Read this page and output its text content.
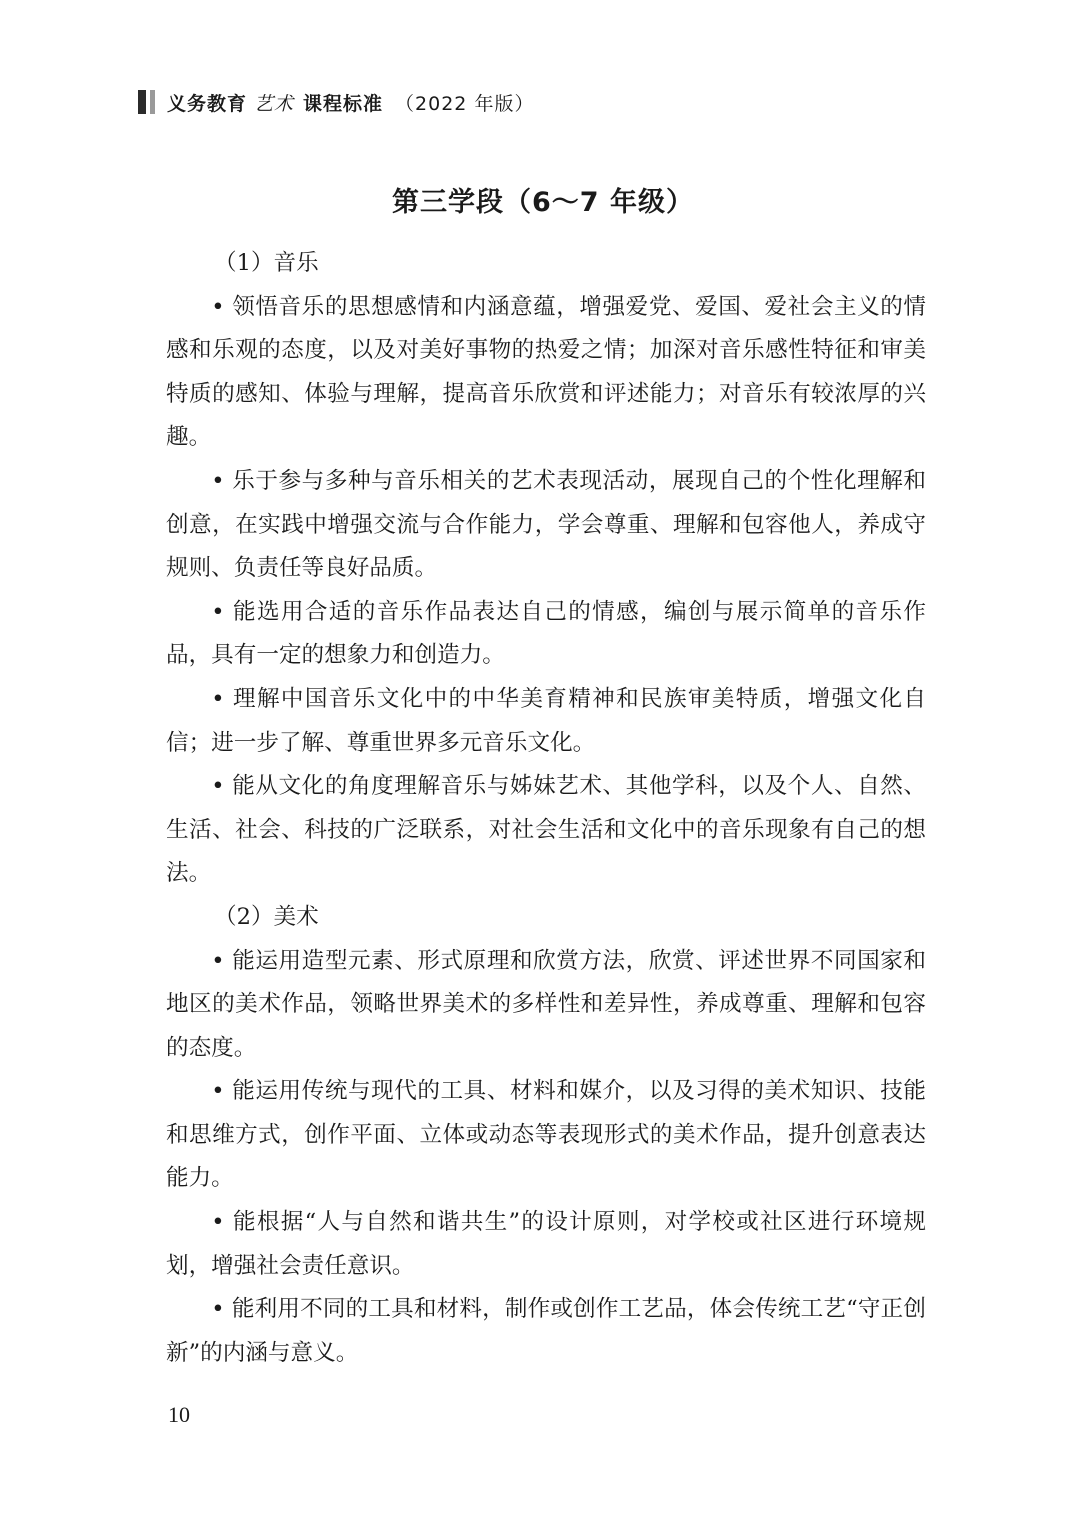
义务教育 艺术 课程标准 （2022 年版）
第三学段（6～7 年级）

（1）音乐

• 领悟音乐的思想感情和内涵意蕴，增强爱党、爱国、爱社会主义的情感和乐观的态度，以及对美好事物的热爱之情；加深对音乐感性特征和审美特质的感知、体验与理解，提高音乐欣赏和评述能力；对音乐有较浓厚的兴趣。

• 乐于参与多种与音乐相关的艺术表现活动，展现自己的个性化理解和创意，在实践中增强交流与合作能力，学会尊重、理解和包容他人，养成守规则、负责任等良好品质。

• 能选用合适的音乐作品表达自己的情感，编创与展示简单的音乐作品，具有一定的想象力和创造力。

• 理解中国音乐文化中的中华美育精神和民族审美特质，增强文化自信；进一步了解、尊重世界多元音乐文化。

• 能从文化的角度理解音乐与姊妹艺术、其他学科，以及个人、自然、生活、社会、科技的广泛联系，对社会生活和文化中的音乐现象有自己的想法。

（2）美术

• 能运用造型元素、形式原理和欣赏方法，欣赏、评述世界不同国家和地区的美术作品，领略世界美术的多样性和差异性，养成尊重、理解和包容的态度。

• 能运用传统与现代的工具、材料和媒介，以及习得的美术知识、技能和思维方式，创作平面、立体或动态等表现形式的美术作品，提升创意表达能力。

• 能根据“人与自然和谐共生”的设计原则，对学校或社区进行环境规划，增强社会责任意识。

• 能利用不同的工具和材料，制作或创作工艺品，体会传统工艺“守正创新”的内涵与意义。

10
